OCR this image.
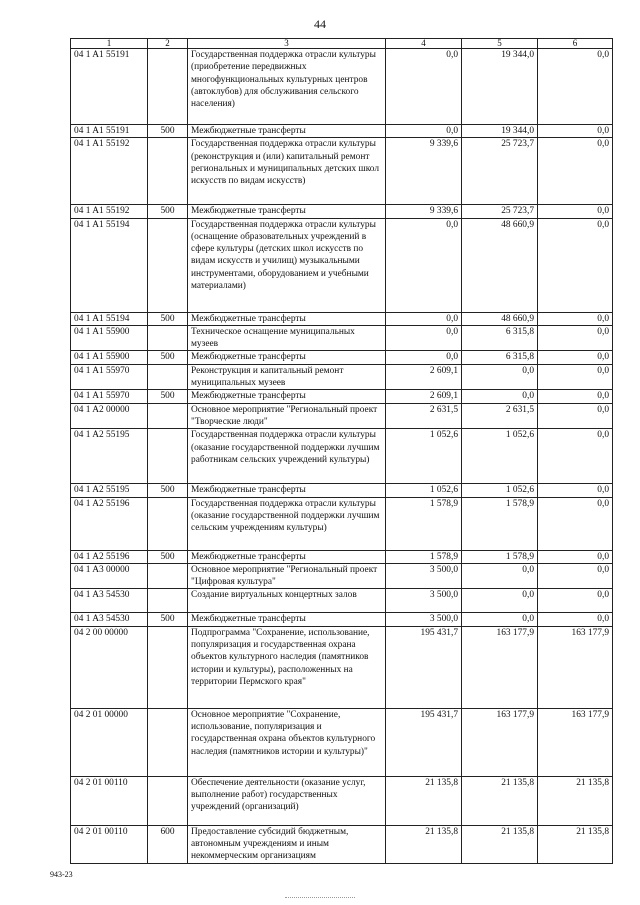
44
1	2	3	4	5	6
04 1 A1 55191		Государственная поддержка отрасли культуры (приобретение передвижных многофункциональных культурных центров (автоклубов) для обслуживания сельского населения)	0,0	19 344,0	0,0
04 1 A1 55191	500	Межбюджетные трансферты	0,0	19 344,0	0,0
04 1 A1 55192		Государственная поддержка отрасли культуры (реконструкция и (или) капитальный ремонт региональных и муниципальных детских школ искусств по видам искусств)	9 339,6	25 723,7	0,0
04 1 A1 55192	500	Межбюджетные трансферты	9 339,6	25 723,7	0,0
04 1 A1 55194		Государственная поддержка отрасли культуры (оснащение образовательных учреждений в сфере культуры (детских школ искусств по видам искусств и училищ) музыкальными инструментами, оборудованием и учебными материалами)	0,0	48 660,9	0,0
04 1 A1 55194	500	Межбюджетные трансферты	0,0	48 660,9	0,0
04 1 A1 55900		Техническое оснащение муниципальных музеев	0,0	6 315,8	0,0
04 1 A1 55900	500	Межбюджетные трансферты	0,0	6 315,8	0,0
04 1 A1 55970		Реконструкция и капитальный ремонт муниципальных музеев	2 609,1	0,0	0,0
04 1 A1 55970	500	Межбюджетные трансферты	2 609,1	0,0	0,0
04 1 A2 00000		Основное мероприятие "Региональный проект "Творческие люди"	2 631,5	2 631,5	0,0
04 1 A2 55195		Государственная поддержка отрасли культуры (оказание государственной поддержки лучшим работникам сельских учреждений культуры)	1 052,6	1 052,6	0,0
04 1 A2 55195	500	Межбюджетные трансферты	1 052,6	1 052,6	0,0
04 1 A2 55196		Государственная поддержка отрасли культуры (оказание государственной поддержки лучшим сельским учреждениям культуры)	1 578,9	1 578,9	0,0
04 1 A2 55196	500	Межбюджетные трансферты	1 578,9	1 578,9	0,0
04 1 A3 00000		Основное мероприятие "Региональный проект "Цифровая культура"	3 500,0	0,0	0,0
04 1 A3 54530		Создание виртуальных концертных залов	3 500,0	0,0	0,0
04 1 A3 54530	500	Межбюджетные трансферты	3 500,0	0,0	0,0
04 2 00 00000		Подпрограмма "Сохранение, использование, популяризация и государственная охрана объектов культурного наследия (памятников истории и культуры), расположенных на территории Пермского края"	195 431,7	163 177,9	163 177,9
04 2 01 00000		Основное мероприятие "Сохранение, использование, популяризация и государственная охрана объектов культурного наследия (памятников истории и культуры)"	195 431,7	163 177,9	163 177,9
04 2 01 00110		Обеспечение деятельности (оказание услуг, выполнение работ) государственных учреждений (организаций)	21 135,8	21 135,8	21 135,8
04 2 01 00110	600	Предоставление субсидий бюджетным, автономным учреждениям и иным некоммерческим организациям	21 135,8	21 135,8	21 135,8
943-23
